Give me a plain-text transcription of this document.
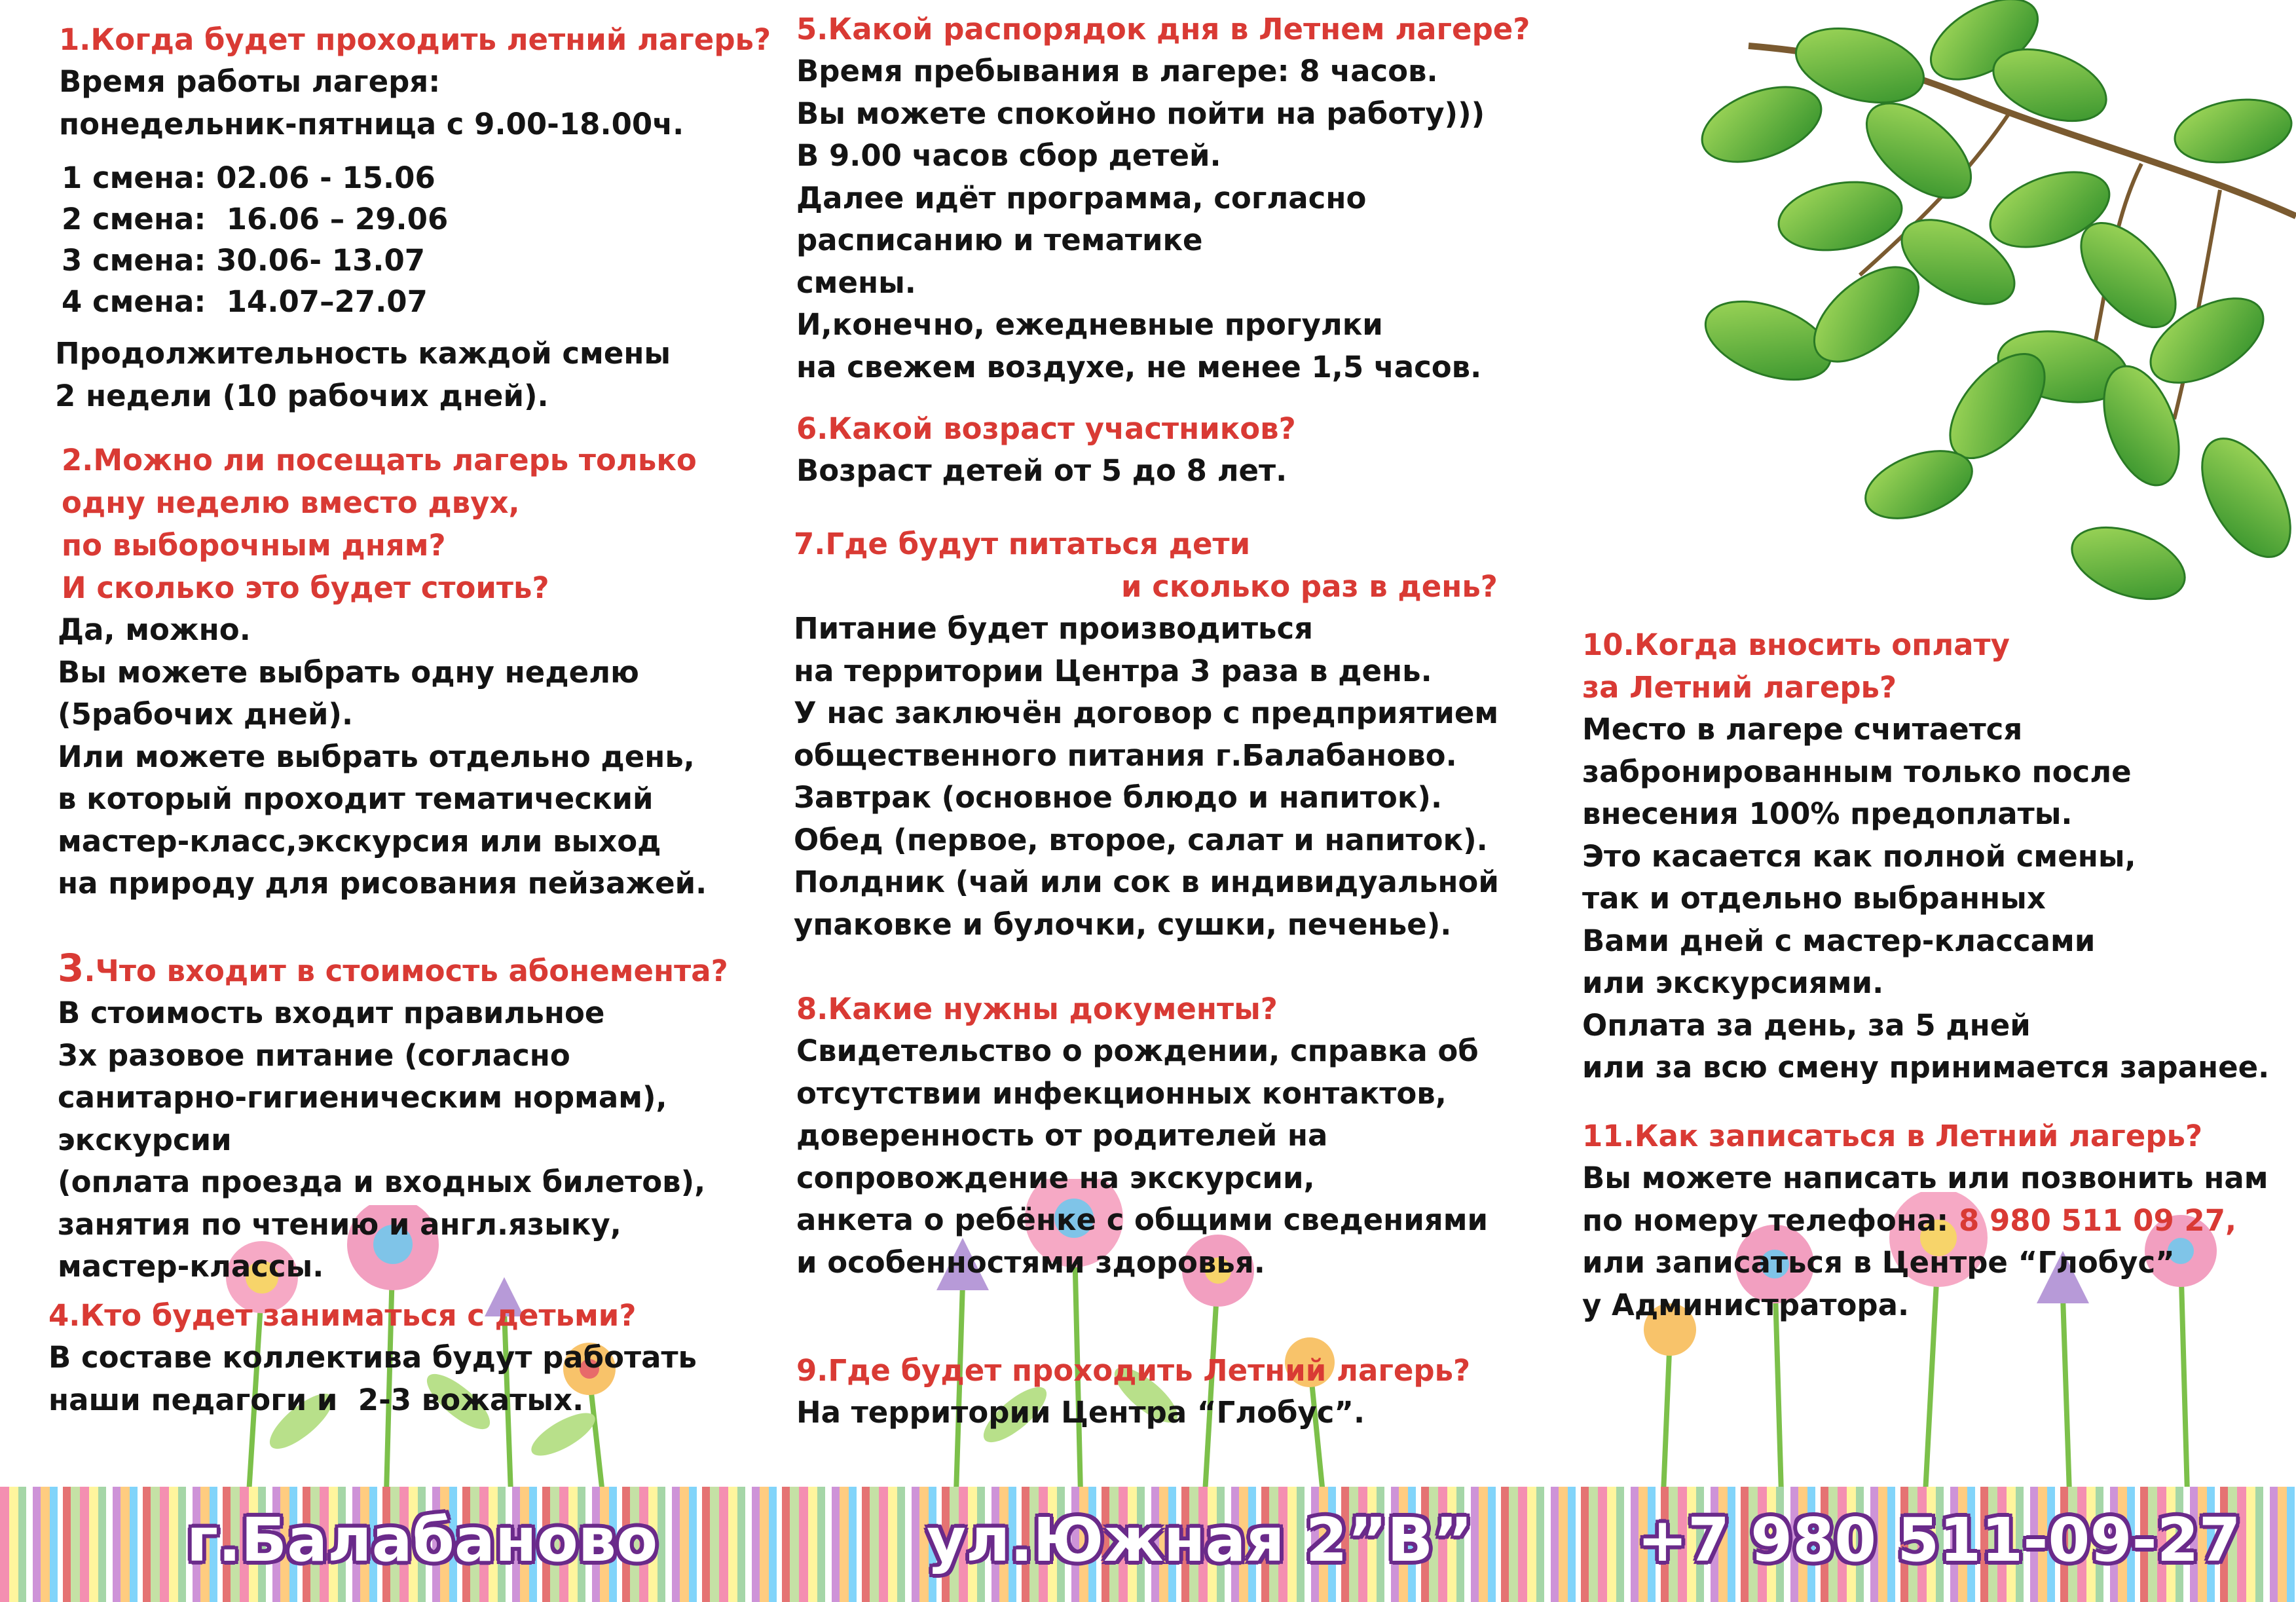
1.Когда будет проходить летний лагерь?

Время работы лагеря:
понедельник-пятница с 9.00-18.00ч.

1 смена: 02.06 - 15.06

2 смена:  16.06 – 29.06

3 смена: 30.06- 13.07

4 смена:  14.07–27.07

Продолжительность каждой смены
2 недели (10 рабочих дней).

2.Можно ли посещать лагерь только
одну неделю вместо двух,
по выборочным дням?
И сколько это будет стоить?

Да, можно.
Вы можете выбрать одну неделю
(5рабочих дней).
Или можете выбрать отдельно день,
в который проходит тематический
мастер-класс,экскурсия или выход
на природу для рисования пейзажей.

3.Что входит в стоимость абонемента?

В стоимость входит правильное
3х разовое питание (согласно
санитарно-гигиеническим нормам),
экскурсии
(оплата проезда и входных билетов),
занятия по чтению и англ.языку,
мастер-классы.

4.Кто будет заниматься с детьми?

В составе коллектива будут работать
наши педагоги и  2-3 вожатых.

5.Какой распорядок дня в Летнем лагере?

Время пребывания в лагере: 8 часов.
Вы можете спокойно пойти на работу)))
В 9.00 часов сбор детей.
Далее идёт программа, согласно
расписанию и тематике
смены.
И,конечно, ежедневные прогулки
на свежем воздухе, не менее 1,5 часов.

6.Какой возраст участников?

Возраст детей от 5 до 8 лет.

7.Где будут питаться дети

и сколько раз в день?

Питание будет производиться
на территории Центра 3 раза в день.
У нас заключён договор с предприятием
общественного питания г.Балабаново.
Завтрак (основное блюдо и напиток).
Обед (первое, второе, салат и напиток).
Полдник (чай или сок в индивидуальной
упаковке и булочки, сушки, печенье).

8.Какие нужны документы?

Свидетельство о рождении, справка об
отсутствии инфекционных контактов,
доверенность от родителей на
сопровождение на экскурсии,
анкета о ребёнке с общими сведениями
и особенностями здоровья.

9.Где будет проходить Летний лагерь?

На территории Центра “Глобус”.

10.Когда вносить оплату
за Летний лагерь?

Место в лагере считается
забронированным только после
внесения 100% предоплаты.
Это касается как полной смены,
так и отдельно выбранных
Вами дней с мастер-классами
или экскурсиями.
Оплата за день, за 5 дней
или за всю смену принимается заранее.

11.Как записаться в Летний лагерь?

Вы можете написать или позвонить нам

по номеру телефона: 8 980 511 09 27,

или записаться в Центре “Глобус”
у Администратора.

г.Балабаново	ул.Южная 2”В”	+7 980 511-09-27
